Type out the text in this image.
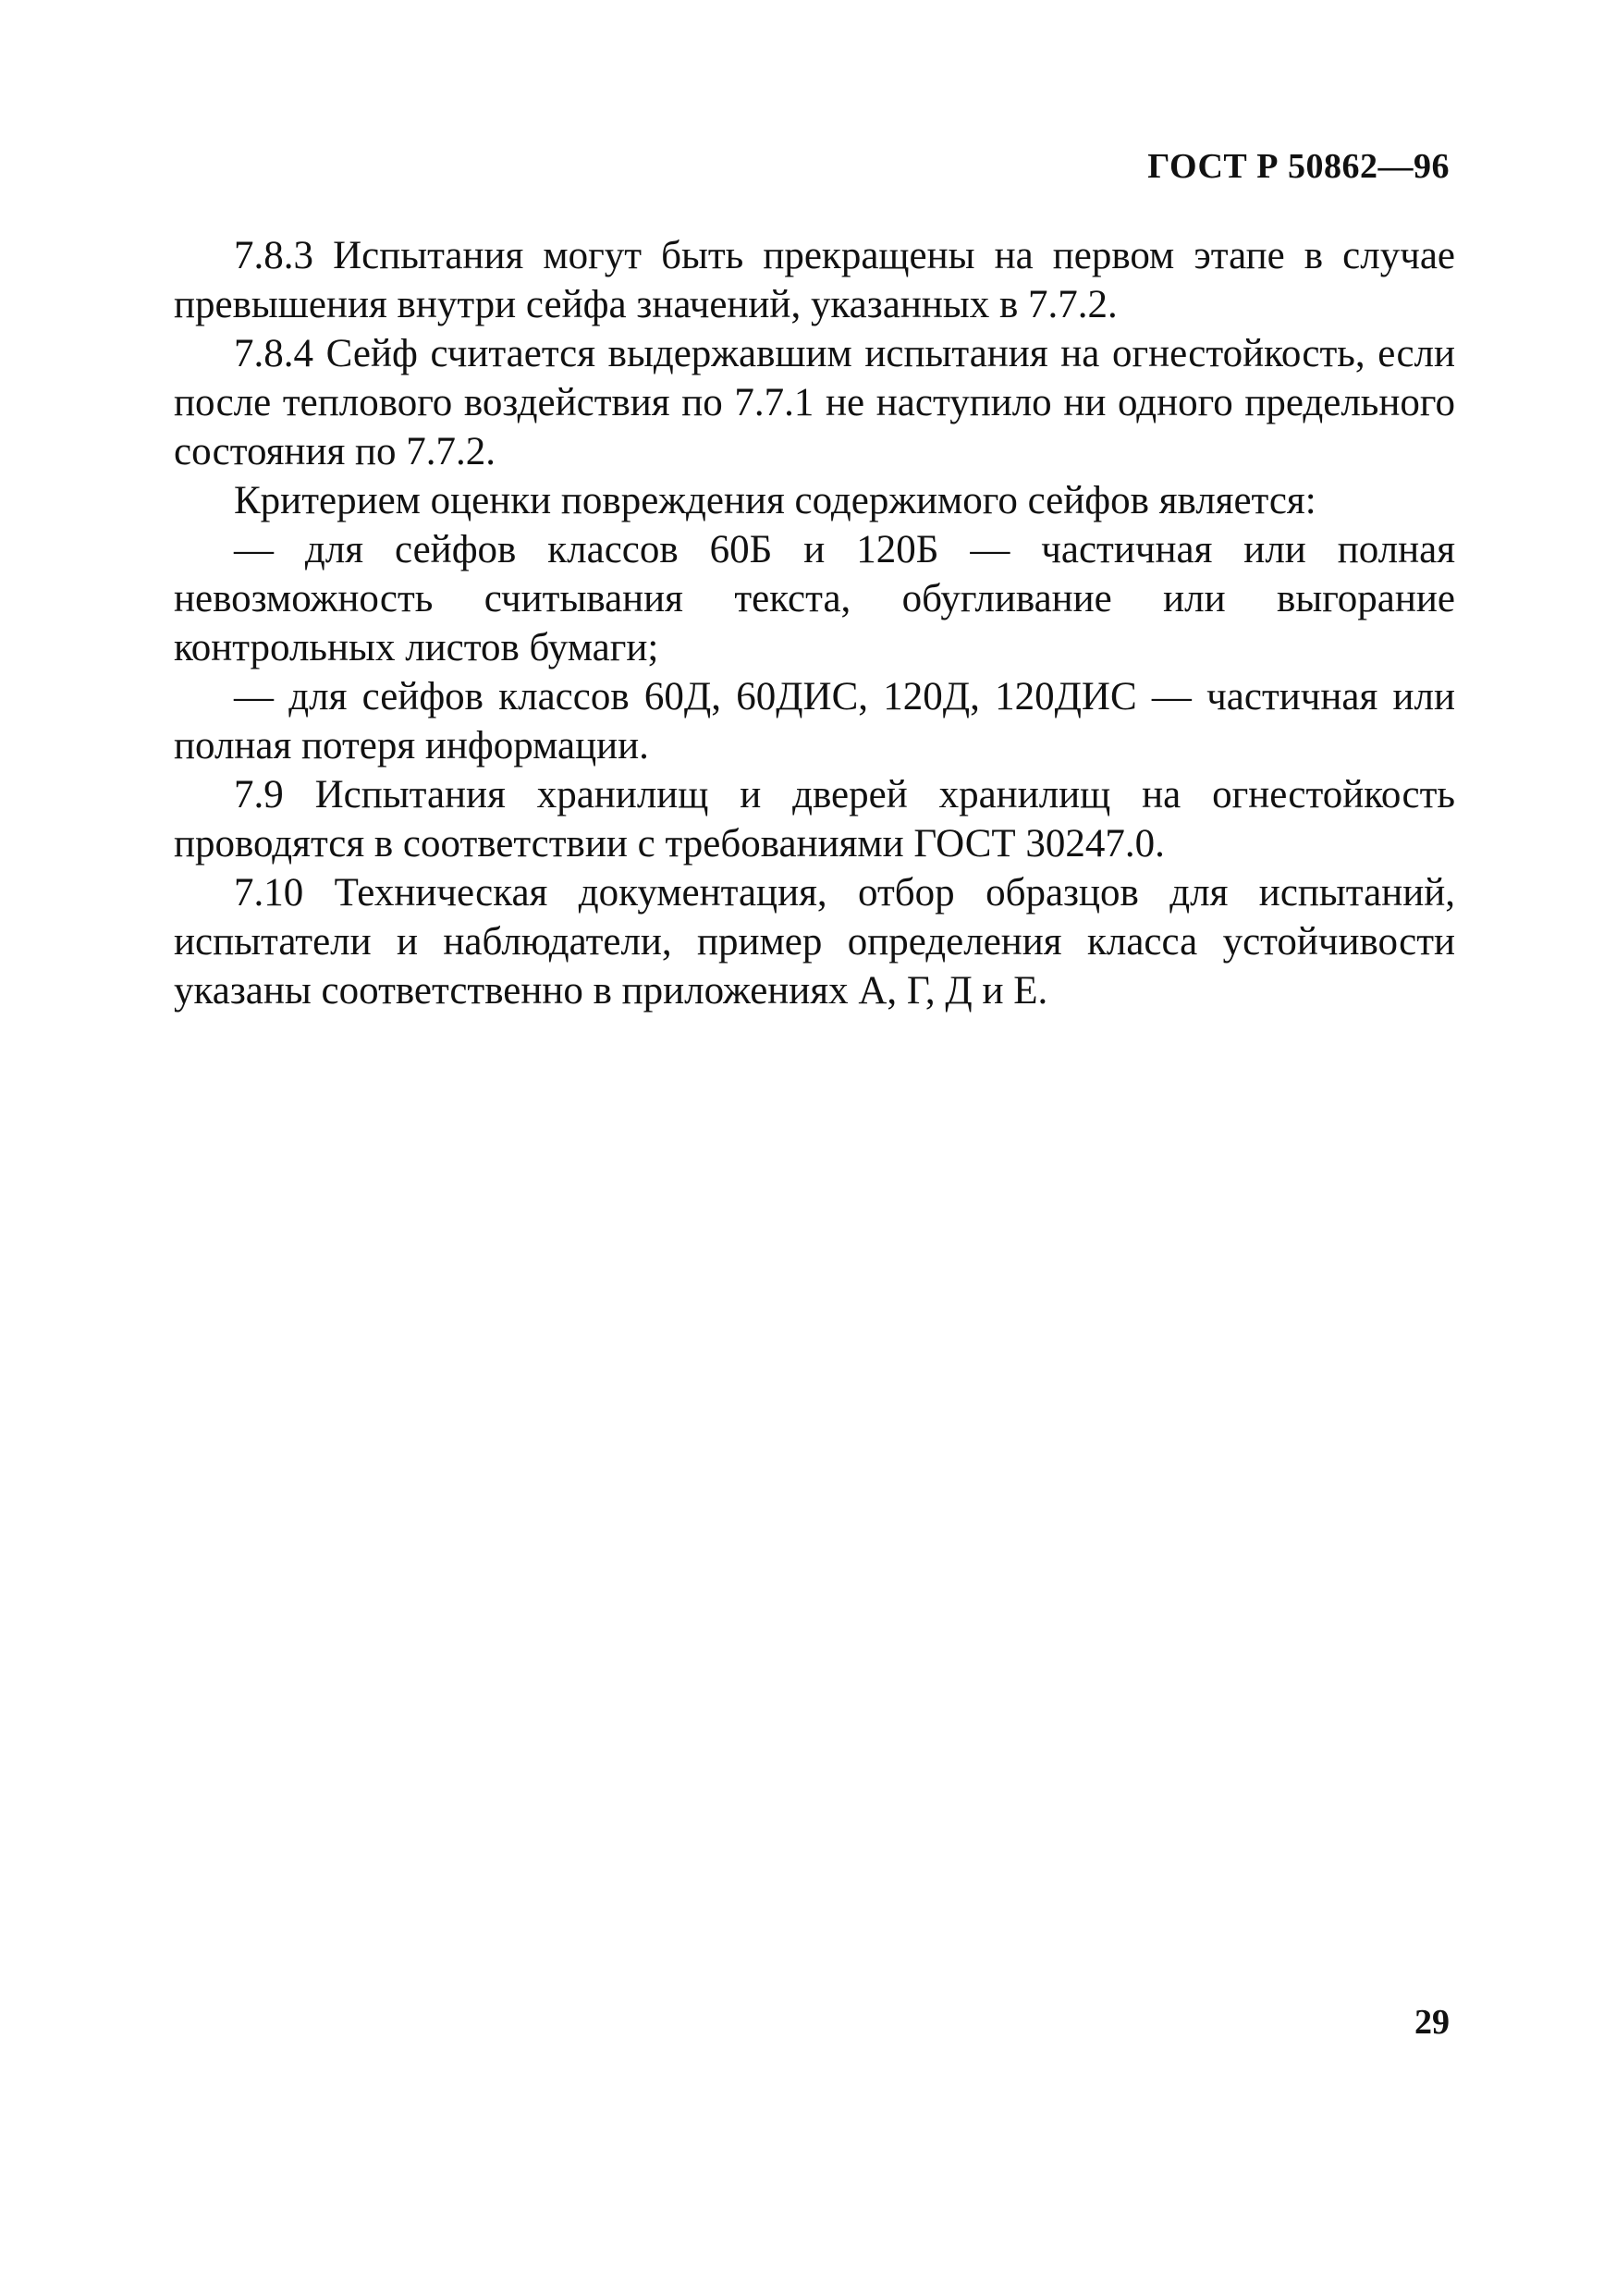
ГОСТ Р 50862—96

7.8.3 Испытания могут быть прекращены на первом этапе в случае превышения внутри сейфа значений, указанных в 7.7.2.

7.8.4 Сейф считается выдержавшим испытания на огнестойкость, если после теплового воздействия по 7.7.1 не наступило ни одного предельного состояния по 7.7.2.

Критерием оценки повреждения содержимого сейфов является:

— для сейфов классов 60Б и 120Б — частичная или полная невозможность считывания текста, обугливание или выгорание контрольных листов бумаги;

— для сейфов классов 60Д, 60ДИС, 120Д, 120ДИС — частичная или полная потеря информации.

7.9 Испытания хранилищ и дверей хранилищ на огнестойкость проводятся в соответствии с требованиями ГОСТ 30247.0.

7.10 Техническая документация, отбор образцов для испытаний, испытатели и наблюдатели, пример определения класса устойчивости указаны соответственно в приложениях А, Г, Д и Е.

29
